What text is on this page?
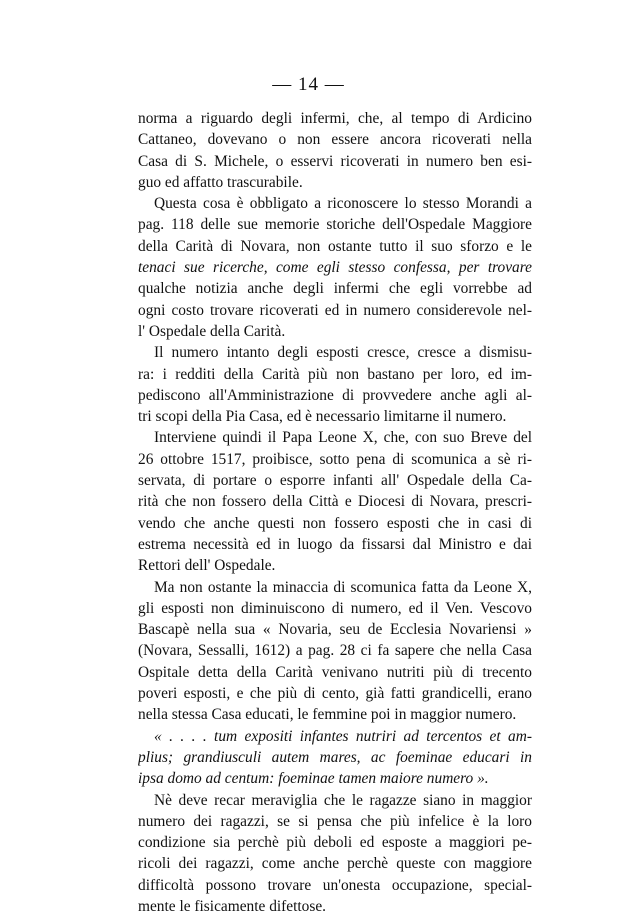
— 14 —
norma a riguardo degli infermi, che, al tempo di Ardicino
Cattaneo, dovevano o non essere ancora ricoverati nella
Casa di S. Michele, o esservi ricoverati in numero ben esi-
guo ed affatto trascurabile.
Questa cosa è obbligato a riconoscere lo stesso Morandi a
pag. 118 delle sue memorie storiche dell'Ospedale Maggiore
della Carità di Novara, non ostante tutto il suo sforzo e le
tenaci sue ricerche, come egli stesso confessa, per trovare
qualche notizia anche degli infermi che egli vorrebbe ad
ogni costo trovare ricoverati ed in numero considerevole nel-
l' Ospedale della Carità.
Il numero intanto degli esposti cresce, cresce a dismisu-
ra: i redditi della Carità più non bastano per loro, ed im-
pediscono all'Amministrazione di provvedere anche agli al-
tri scopi della Pia Casa, ed è necessario limitarne il numero.
Interviene quindi il Papa Leone X, che, con suo Breve del
26 ottobre 1517, proibisce, sotto pena di scomunica a sè ri-
servata, di portare o esporre infanti all' Ospedale della Ca-
rità che non fossero della Città e Diocesi di Novara, prescri-
vendo che anche questi non fossero esposti che in casi di
estrema necessità ed in luogo da fissarsi dal Ministro e dai
Rettori dell' Ospedale.
Ma non ostante la minaccia di scomunica fatta da Leone X,
gli esposti non diminuiscono di numero, ed il Ven. Vescovo
Bascapè nella sua « Novaria, seu de Ecclesia Novariensi »
(Novara, Sessalli, 1612) a pag. 28 ci fa sapere che nella Casa
Ospitale detta della Carità venivano nutriti più di trecento
poveri esposti, e che più di cento, già fatti grandicelli, erano
nella stessa Casa educati, le femmine poi in maggior numero.
« . . . . tum expositi infantes nutriri ad tercentos et am-
plius; grandiusculi autem mares, ac foeminae educari in
ipsa domo ad centum: foeminae tamen maiore numero ».
Nè deve recar meraviglia che le ragazze siano in maggior
numero dei ragazzi, se si pensa che più infelice è la loro
condizione sia perchè più deboli ed esposte a maggiori pe-
ricoli dei ragazzi, come anche perchè queste con maggiore
difficoltà possono trovare un'onesta occupazione, special-
mente le fisicamente difettose.
